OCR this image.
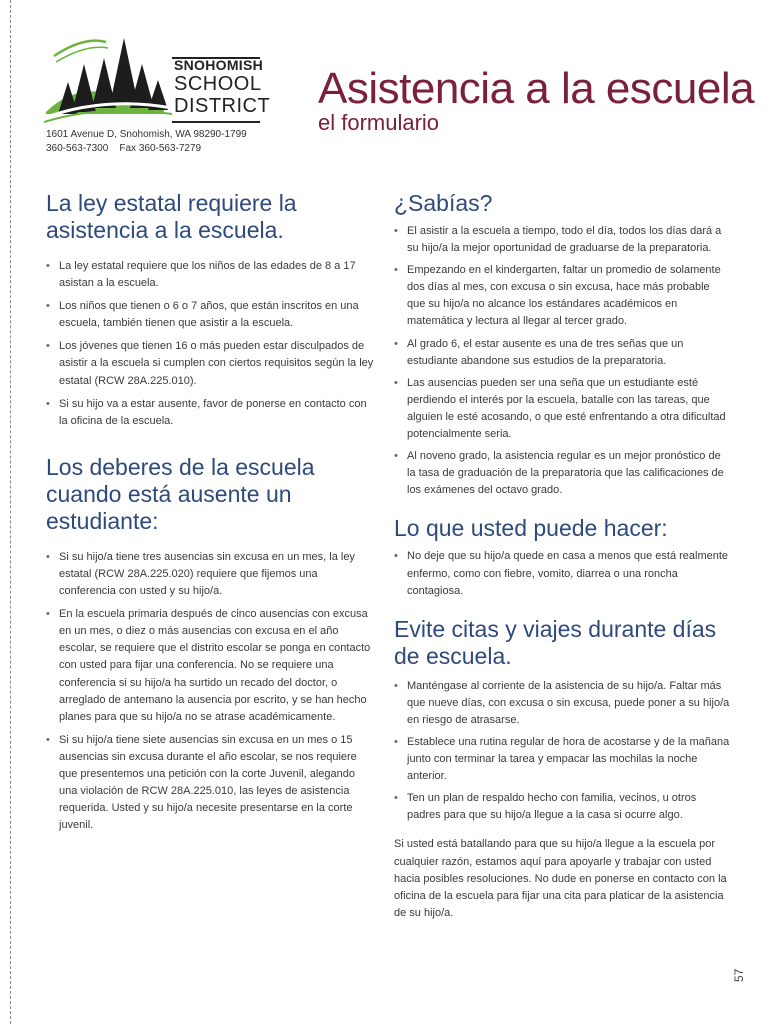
SNOHOMISH
SCHOOL
DISTRICT
1601 Avenue D, Snohomish, WA 98290-1799
360-563-7300    Fax 360-563-7279
Asistencia a la escuela
el formulario
La ley estatal requiere la asistencia a la escuela.
• La ley estatal requiere que los niños de las edades de 8 a 17 asistan a la escuela.
• Los niños que tienen o 6 o 7 años, que están inscritos en una escuela, también tienen que asistir a la escuela.
• Los jóvenes que tienen 16 o más pueden estar disculpados de asistir a la escuela si cumplen con ciertos requisitos según la ley estatal (RCW 28A.225.010).
• Si su hijo va a estar ausente, favor de ponerse en contacto con la oficina de la escuela.
Los deberes de la escuela cuando está ausente un estudiante:
• Si su hijo/a tiene tres ausencias sin excusa en un mes, la ley estatal (RCW 28A.225.020) requiere que fijemos una conferencia con usted y su hijo/a.
• En la escuela primaria después de cinco ausencias con excusa en un mes, o diez o más ausencias con excusa en el año escolar, se requiere que el distrito escolar se ponga en contacto con usted para fijar una conferencia. No se requiere una conferencia si su hijo/a ha surtido un recado del doctor, o arreglado de antemano la ausencia por escrito, y se han hecho planes para que su hijo/a no se atrase académicamente.
• Si su hijo/a tiene siete ausencias sin excusa en un mes o 15 ausencias sin excusa durante el año escolar, se nos requiere que presentemos una petición con la corte Juvenil, alegando una violación de RCW 28A.225.010, las leyes de asistencia requerida. Usted y su hijo/a necesite presentarse en la corte juvenil.
¿Sabías?
• El asistir a la escuela a tiempo, todo el día, todos los días dará a su hijo/a la mejor oportunidad de graduarse de la preparatoria.
• Empezando en el kindergarten, faltar un promedio de solamente dos días al mes, con excusa o sin excusa, hace más probable que su hijo/a no alcance los estándares académicos en matemática y lectura al llegar al tercer grado.
• Al grado 6, el estar ausente es una de tres señas que un estudiante abandone sus estudios de la preparatoria.
• Las ausencias pueden ser una seña que un estudiante esté perdiendo el interés por la escuela, batalle con las tareas, que alguien le esté acosando, o que esté enfrentando a otra dificultad potencialmente seria.
• Al noveno grado, la asistencia regular es un mejor pronóstico de la tasa de graduación de la preparatoria que las calificaciones de los exámenes del octavo grado.
Lo que usted puede hacer:
• No deje que su hijo/a quede en casa a menos que está realmente enfermo, como con fiebre, vomito, diarrea o una roncha contagiosa.
Evite citas y viajes durante días de escuela.
• Manténgase al corriente de la asistencia de su hijo/a. Faltar más que nueve días, con excusa o sin excusa, puede poner a su hijo/a en riesgo de atrasarse.
• Establece una rutina regular de hora de acostarse y de la mañana junto con terminar la tarea y empacar las mochilas la noche anterior.
• Ten un plan de respaldo hecho con familia, vecinos, u otros padres para que su hijo/a llegue a la casa si ocurre algo.

Si usted está batallando para que su hijo/a llegue a la escuela por cualquier razón, estamos aquí para apoyarle y trabajar con usted hacia posibles resoluciones. No dude en ponerse en contacto con la oficina de la escuela para fijar una cita para platicar de la asistencia de su hijo/a.

57
